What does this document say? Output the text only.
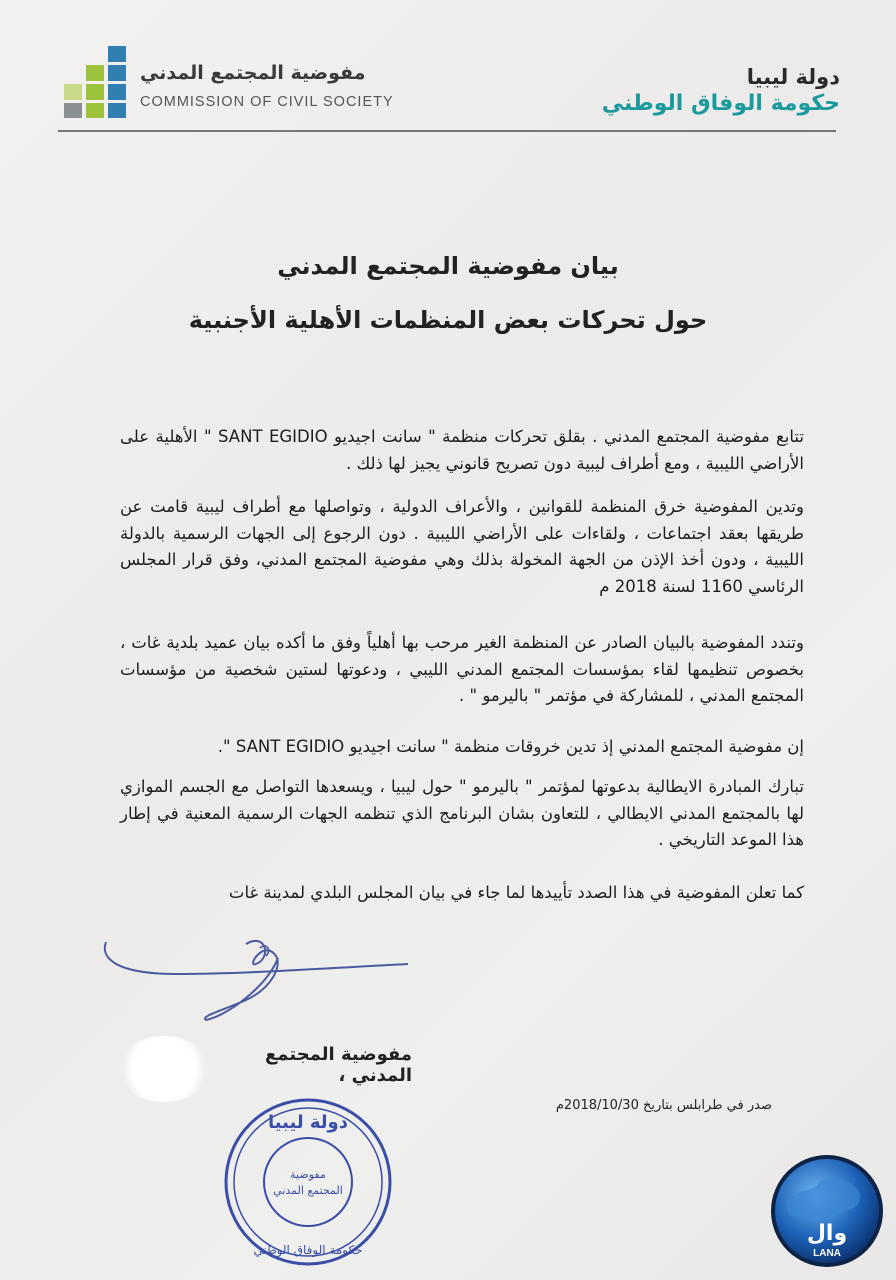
دولة ليبيا
حكومة الوفاق الوطني
مفوضية المجتمع المدني
COMMISSION OF CIVIL SOCIETY
بيان مفوضية المجتمع المدني
حول تحركات بعض المنظمات الأهلية الأجنبية
تتابع مفوضية المجتمع المدني . بقلق تحركات منظمة " سانت اجيديو SANT EGIDIO " الأهلية على الأراضي الليبية ، ومع أطراف ليبية دون تصريح قانوني يجيز لها ذلك .
وتدين المفوضية خرق المنظمة للقوانين ، والأعراف الدولية ، وتواصلها مع أطراف ليبية قامت عن طريقها بعقد اجتماعات ، ولقاءات على الأراضي الليبية . دون الرجوع إلى الجهات الرسمية بالدولة الليبية ، ودون أخذ الإذن من الجهة المخولة بذلك وهي مفوضية المجتمع المدني، وفق قرار المجلس الرئاسي 1160 لسنة 2018 م
وتندد المفوضية بالبيان الصادر عن المنظمة الغير مرحب بها أهلياً وفق ما أكده بيان عميد بلدية غات ، بخصوص تنظيمها لقاء بمؤسسات المجتمع المدني الليبي ، ودعوتها لستين شخصية من مؤسسات المجتمع المدني ، للمشاركة في مؤتمر " باليرمو " .
إن مفوضية المجتمع المدني إذ تدين خروقات منظمة " سانت اجيديو SANT EGIDIO ".
تبارك المبادرة الايطالية بدعوتها لمؤتمر " باليرمو " حول ليبيا ، ويسعدها التواصل مع الجسم الموازي لها بالمجتمع المدني الايطالي ، للتعاون بشان البرنامج الذي تنظمه الجهات الرسمية المعنية في إطار هذا الموعد التاريخي .
كما تعلن المفوضية في هذا الصدد تأييدها لما جاء في بيان المجلس البلدي لمدينة غات
مفوضية المجتمع المدني ،
صدر في طرابلس بتاريخ 2018/10/30م
دولة ليبيا
حكومة الوفاق الوطني
مفوضية
المجتمع المدني
وال
LANA
